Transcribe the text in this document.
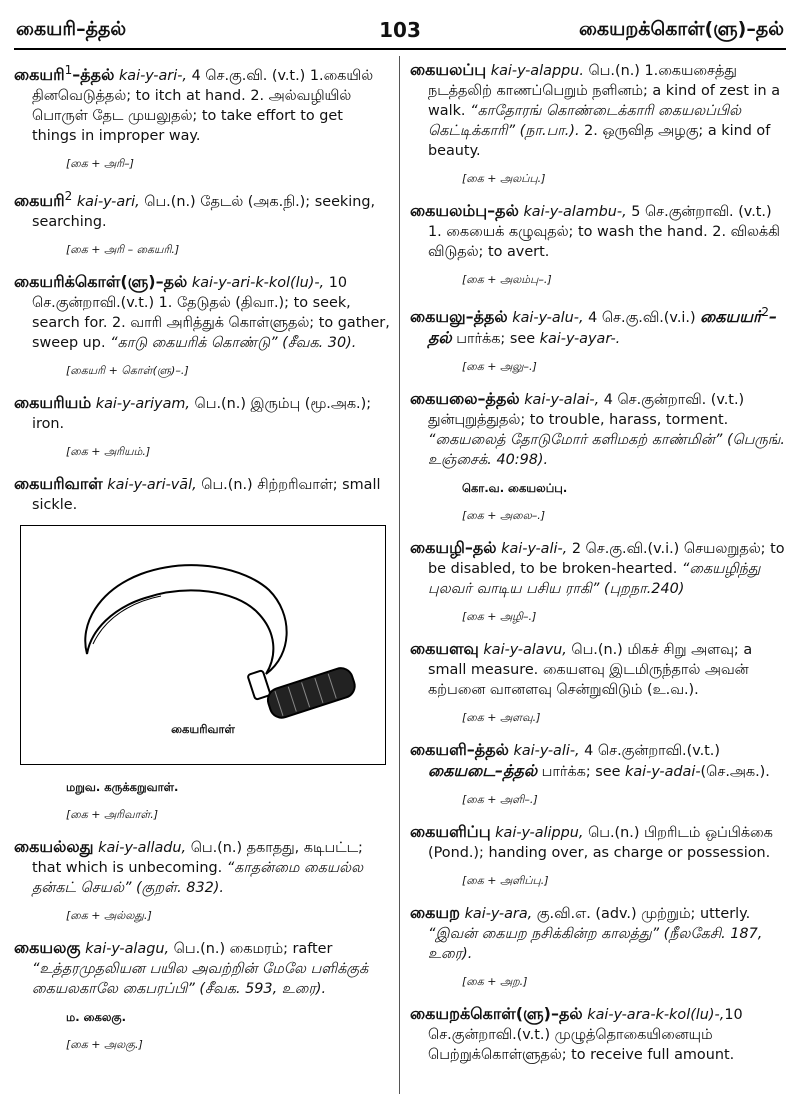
கையரி–த்தல்	103	கையறக்கொள்(ளு)–தல்
கையரி$^1$–த்தல் kai-y-ari-, 4 செ.கு.வி. (v.t.) 1.கையில் தினவெடுத்தல்; to itch at hand. 2. அல்வழியில் பொருள் தேட முயலுதல்; to take effort to get things in improper way.
[கை + அரி–]
கையரி$^2$ kai-y-ari, பெ.(n.) தேடல் (அக.நி.); seeking, searching.
[கை + அரி – கையரி.]
கையரிக்கொள்(ளு)–தல் kai-y-ari-k-kol(lu)-, 10 செ.குன்றாவி.(v.t.) 1. தேடுதல் (திவா.); to seek, search for. 2. வாரி அரித்துக் கொள்ளுதல்; to gather, sweep up. “காடு கையரிக் கொண்டு” (சீவக. 30).
[கையரி + கொள்(ளு)–.]
கையரியம் kai-y-ariyam, பெ.(n.) இரும்பு (மூ.அக.); iron.
[கை + அரியம்.]
கையரிவாள் kai-y-ari-vāl, பெ.(n.) சிற்றரிவாள்; small sickle.
கையரிவாள்
மறுவ. கருக்கறுவாள்.
[கை + அரிவாள்.]
கையல்லது kai-y-alladu, பெ.(n.) தகாதது, கடிபட்ட; that which is unbecoming. “காதன்மை கையல்ல தன்கட் செயல்” (குறள். 832).
[கை + அல்லது.]
கையலகு kai-y-alagu, பெ.(n.) கைமரம்; rafter “உத்தரமுதலியன பயில அவற்றின் மேலே பளிக்குக் கையலகாலே கைபரப்பி” (சீவக. 593, உரை).
ம. கைலகு.
[கை + அலகு.]
கையலப்பு kai-y-alappu. பெ.(n.) 1.கையசைத்து நடத்தலிற் காணப்பெறும் நளினம்; a kind of zest in a walk. “காதோரங் கொண்டைக்காரி கையலப்பில் கெட்டிக்காரி” (நா.பா.). 2. ஒருவித அழகு; a kind of beauty.
[கை + அலப்பு.]
கையலம்பு–தல் kai-y-alambu-, 5 செ.குன்றாவி. (v.t.) 1. கையைக் கழுவுதல்; to wash the hand. 2. விலக்கி விடுதல்; to avert.
[கை + அலம்பு–.]
கையலு–த்தல் kai-y-alu-, 4 செ.கு.வி.(v.i.) கையயர்$^2$–தல் பார்க்க; see kai-y-ayar-.
[கை + அலு–.]
கையலை–த்தல் kai-y-alai-, 4 செ.குன்றாவி. (v.t.) துன்புறுத்துதல்; to trouble, harass, torment. “கையலைத் தோடுமோர் களிமகற் காண்மின்” (பெருங். உஞ்சைக். 40:98).
கொ.வ. கையலப்பு.
[கை + அலை–.]
கையழி–தல் kai-y-ali-, 2 செ.கு.வி.(v.i.) செயலறுதல்; to be disabled, to be broken-hearted. “கையழிந்து புலவர் வாடிய பசிய ராகி” (புறநா.240)
[கை + அழி–.]
கையளவு kai-y-alavu, பெ.(n.) மிகச் சிறு அளவு; a small measure. கையளவு இடமிருந்தால் அவன் கற்பனை வானளவு சென்றுவிடும் (உ.வ.).
[கை + அளவு.]
கையளி–த்தல் kai-y-ali-, 4 செ.குன்றாவி.(v.t.) கையடை–த்தல் பார்க்க; see kai-y-adai-(செ.அக.).
[கை + அளி–.]
கையளிப்பு kai-y-alippu, பெ.(n.) பிறரிடம் ஒப்பிக்கை (Pond.); handing over, as charge or possession.
[கை + அளிப்பு.]
கையற kai-y-ara, கு.வி.எ. (adv.) முற்றும்; utterly. “இவன் கையற நசிக்கின்ற காலத்து” (நீலகேசி. 187, உரை).
[கை + அற.]
கையறக்கொள்(ளு)–தல் kai-y-ara-k-kol(lu)-,10 செ.குன்றாவி.(v.t.) முழுத்தொகையினையும் பெற்றுக்கொள்ளுதல்; to receive full amount.
